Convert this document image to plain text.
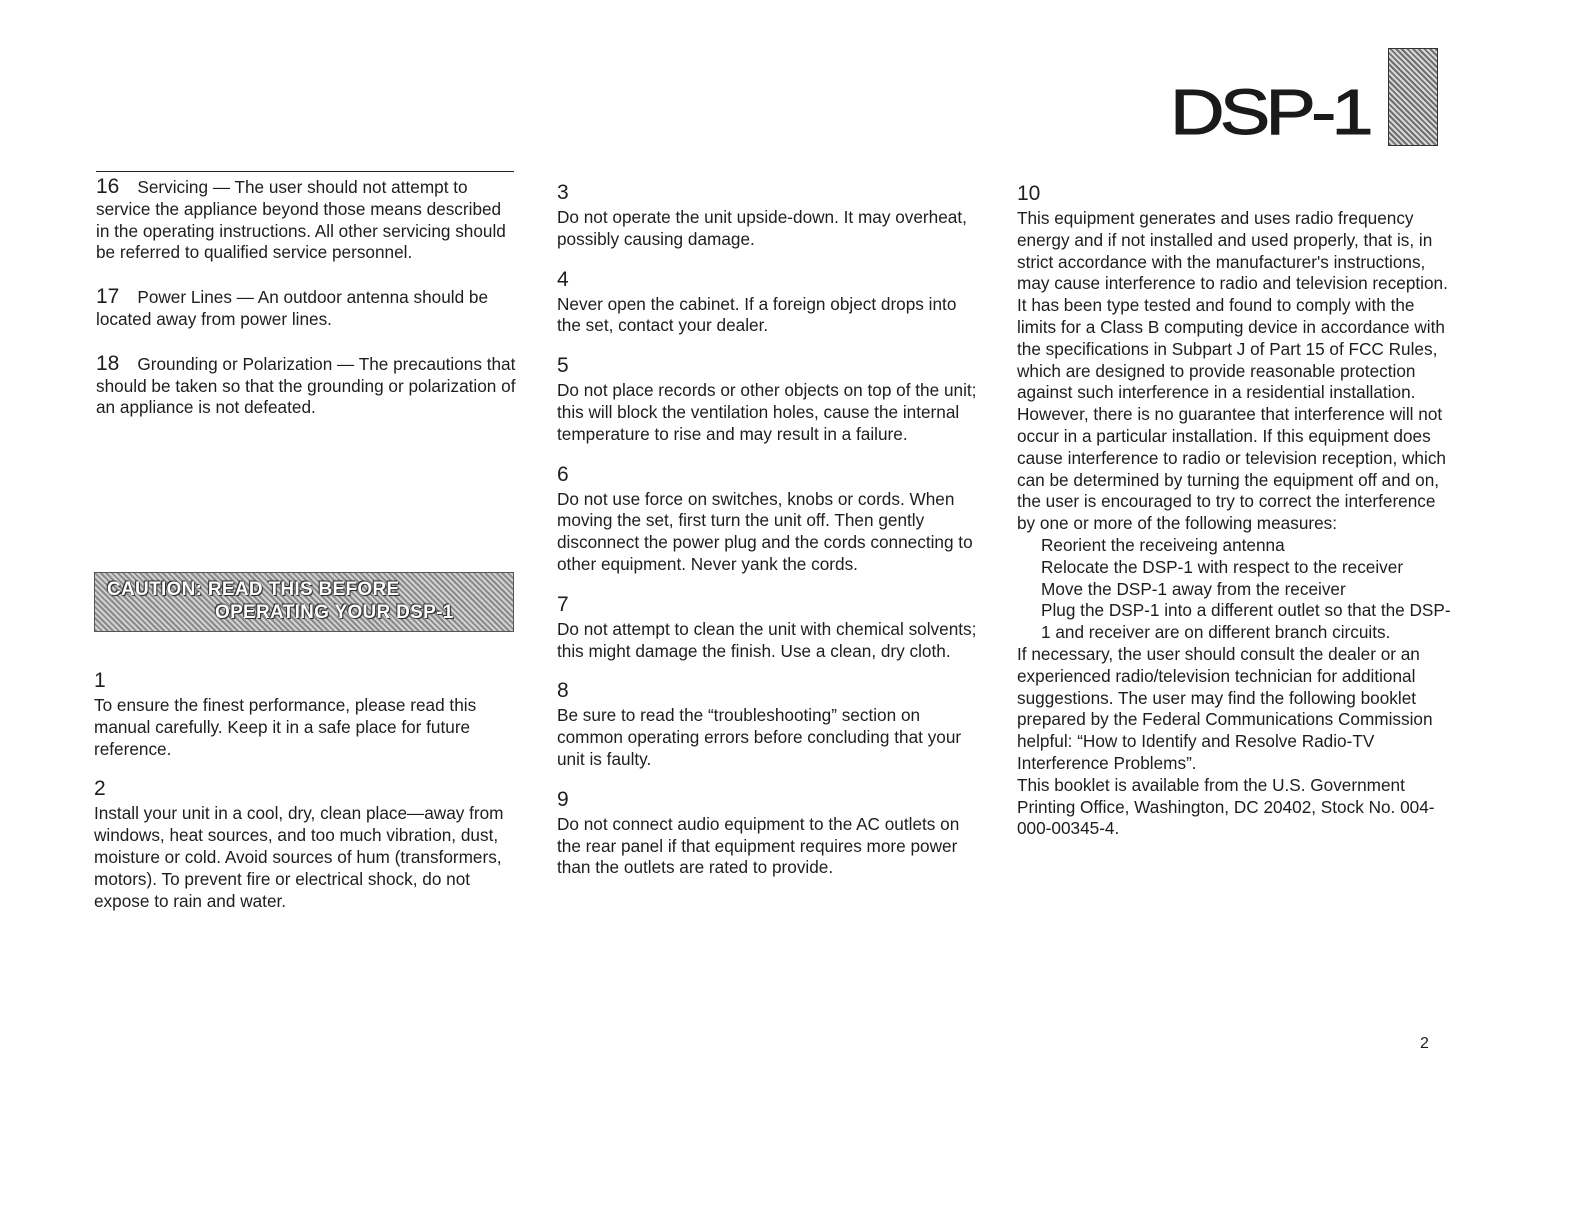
DSP-1

16 Servicing — The user should not attempt to service the appliance beyond those means described in the operating instructions. All other servicing should be referred to qualified service personnel.

17 Power Lines — An outdoor antenna should be located away from power lines.

18 Grounding or Polarization — The precautions that should be taken so that the grounding or polarization of an appliance is not defeated.

CAUTION: READ THIS BEFORE
OPERATING YOUR DSP-1
1
To ensure the finest performance, please read this manual carefully. Keep it in a safe place for future reference.
2
Install your unit in a cool, dry, clean place—away from windows, heat sources, and too much vibration, dust, moisture or cold. Avoid sources of hum (transformers, motors). To prevent fire or electrical shock, do not expose to rain and water.
3
Do not operate the unit upside-down. It may overheat, possibly causing damage.
4
Never open the cabinet. If a foreign object drops into the set, contact your dealer.
5
Do not place records or other objects on top of the unit; this will block the ventilation holes, cause the internal temperature to rise and may result in a failure.
6
Do not use force on switches, knobs or cords. When moving the set, first turn the unit off. Then gently disconnect the power plug and the cords connecting to other equipment. Never yank the cords.
7
Do not attempt to clean the unit with chemical solvents; this might damage the finish. Use a clean, dry cloth.
8
Be sure to read the “troubleshooting” section on common operating errors before concluding that your unit is faulty.
9
Do not connect audio equipment to the AC outlets on the rear panel if that equipment requires more power than the outlets are rated to provide.
10
This equipment generates and uses radio frequency energy and if not installed and used properly, that is, in strict accordance with the manufacturer's instructions, may cause interference to radio and television reception. It has been type tested and found to comply with the limits for a Class B computing device in accordance with the specifications in Subpart J of Part 15 of FCC Rules, which are designed to provide reasonable protection against such interference in a residential installation. However, there is no guarantee that interference will not occur in a particular installation. If this equipment does cause interference to radio or television reception, which can be determined by turning the equipment off and on, the user is encouraged to try to correct the interference by one or more of the following measures:
Reorient the receiveing antenna
Relocate the DSP-1 with respect to the receiver
Move the DSP-1 away from the receiver
Plug the DSP-1 into a different outlet so that the DSP-1 and receiver are on different branch circuits.
If necessary, the user should consult the dealer or an experienced radio/television technician for additional suggestions. The user may find the following booklet prepared by the Federal Communications Commission helpful: “How to Identify and Resolve Radio-TV Interference Problems”.
This booklet is available from the U.S. Government Printing Office, Washington, DC 20402, Stock No. 004-000-00345-4.
2
